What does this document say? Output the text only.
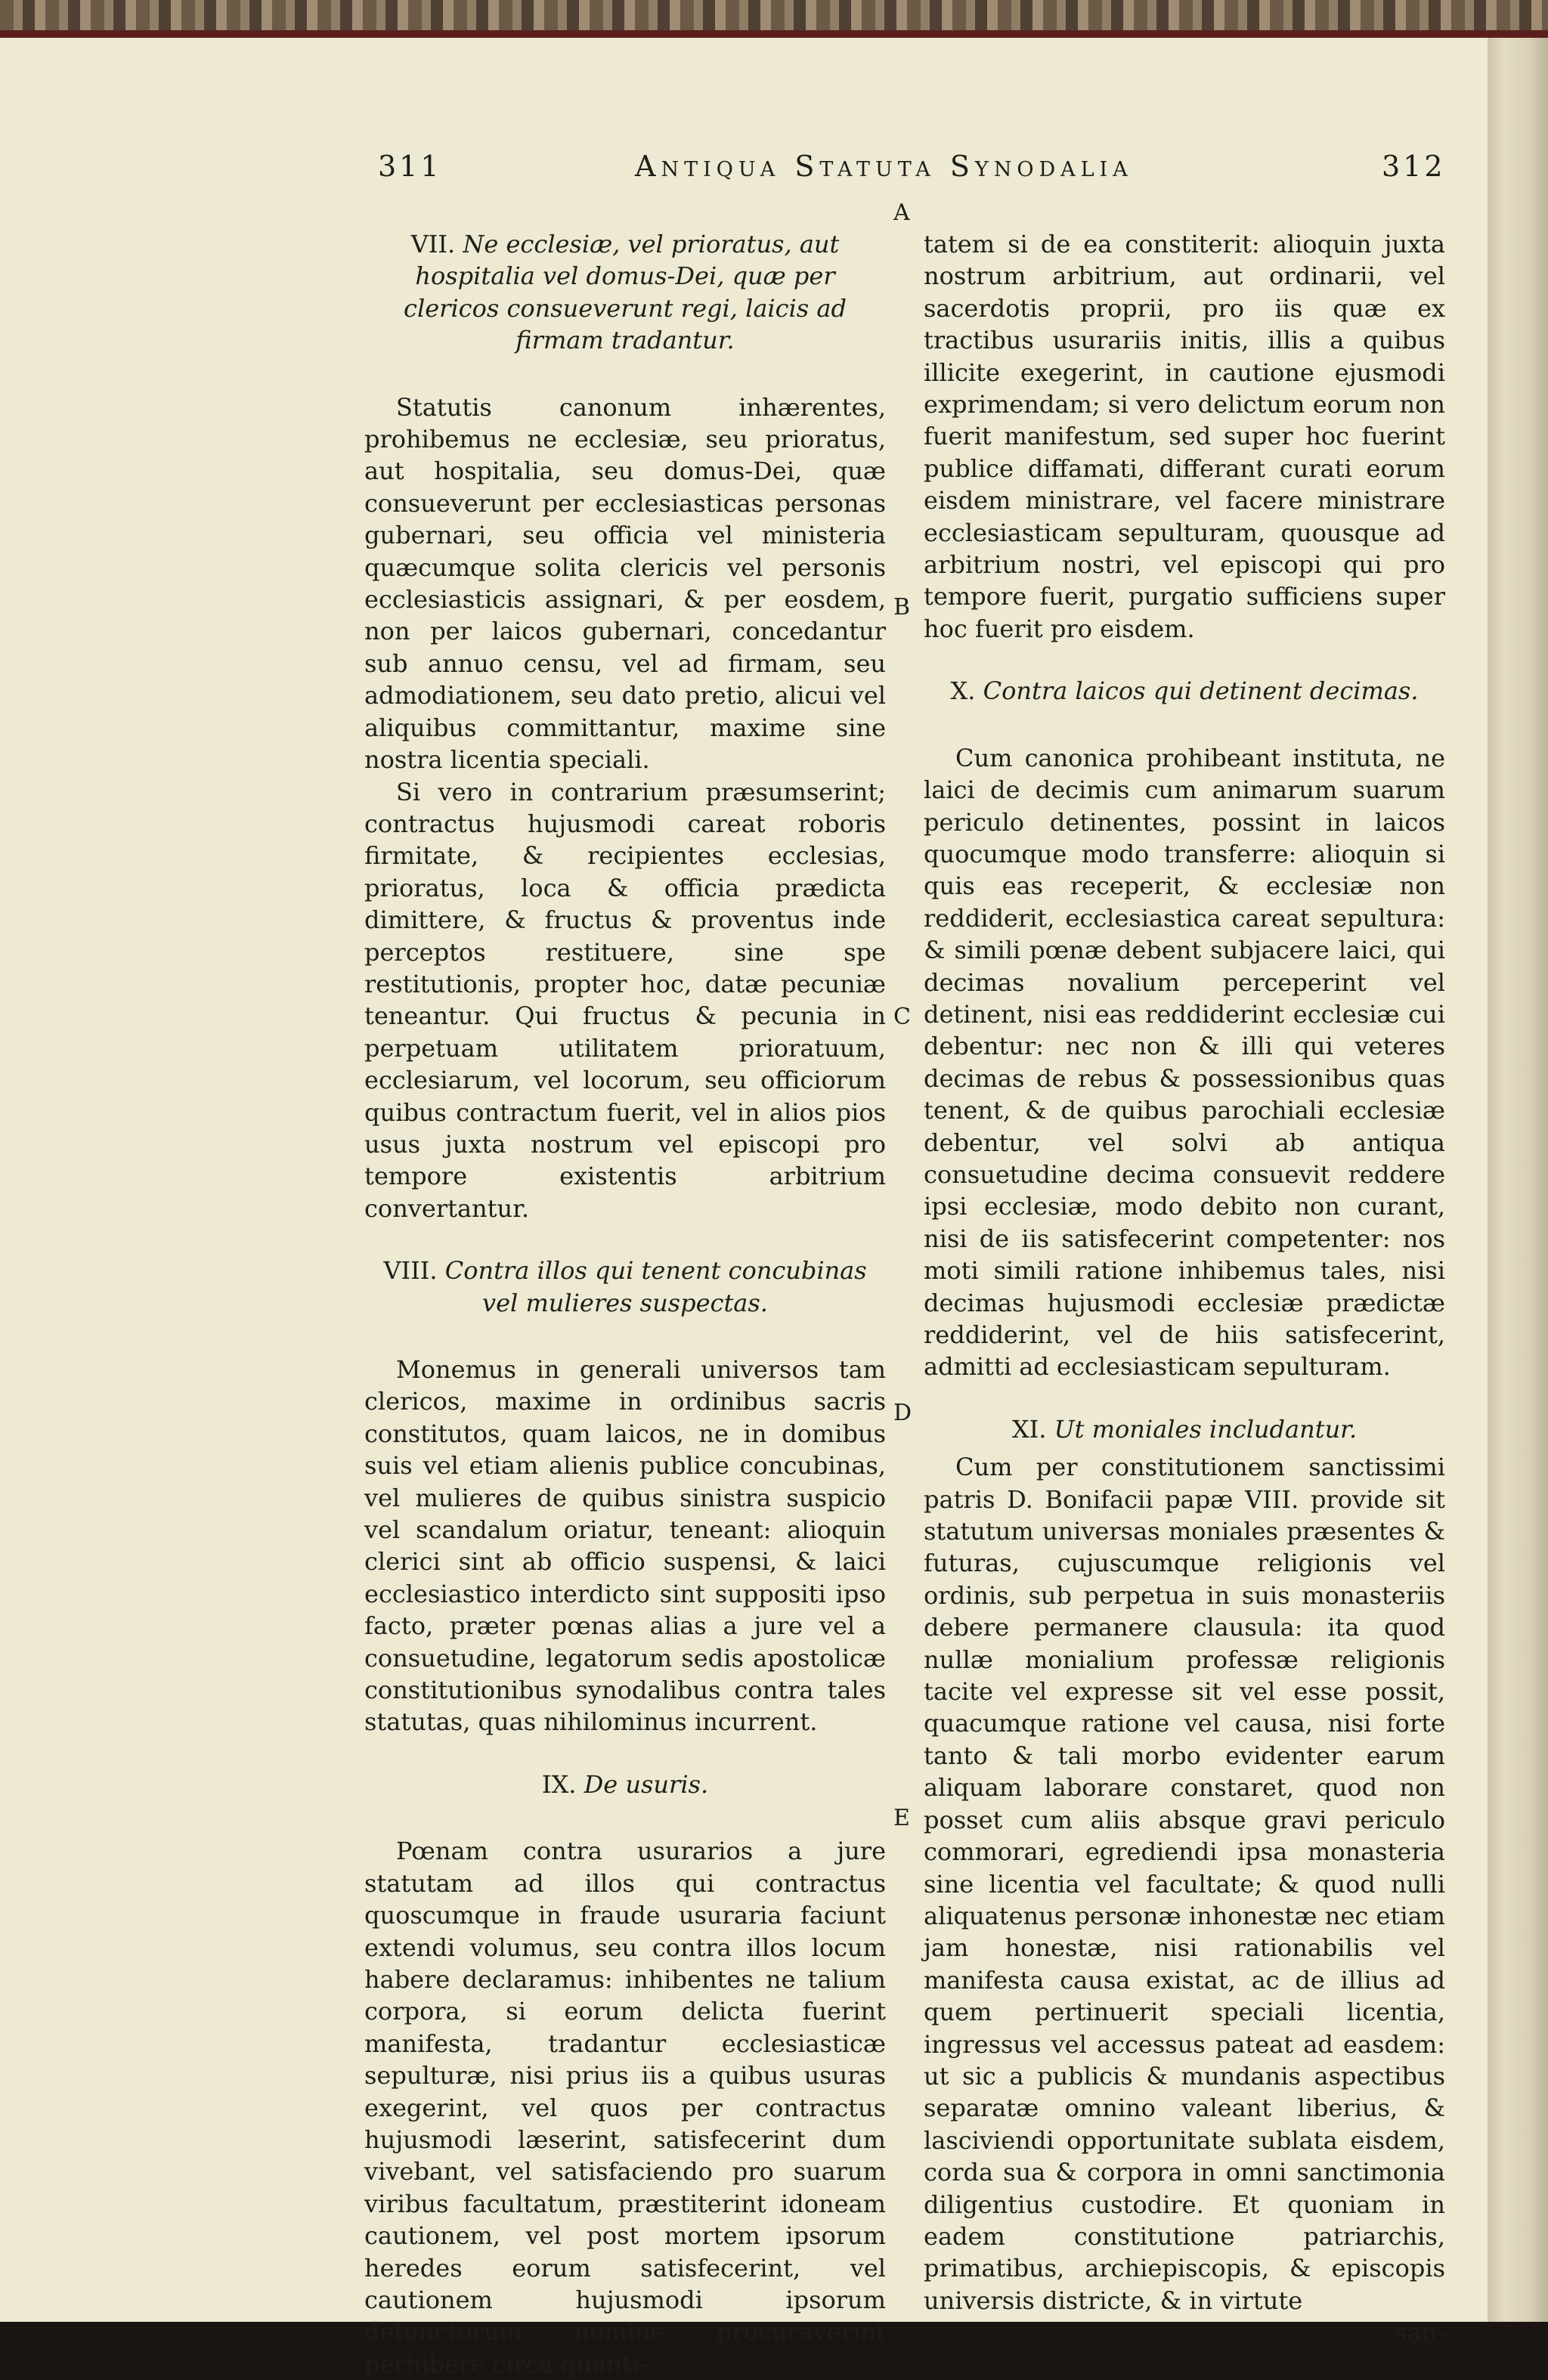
311	Antiqua Statuta Synodalia	312
A
B
C
D
E
VII. Ne ecclesiæ, vel prioratus, aut hospitalia vel domus-Dei, quæ per clericos consueverunt regi, laicis ad firmam tradantur.

Statutis canonum inhærentes, prohibemus ne ecclesiæ, seu prioratus, aut hospitalia, seu domus-Dei, quæ consueverunt per ecclesiasticas personas gubernari, seu officia vel ministeria quæcumque solita clericis vel personis ecclesiasticis assignari, & per eosdem, non per laicos gubernari, concedantur sub annuo censu, vel ad firmam, seu admodiationem, seu dato pretio, alicui vel aliquibus committantur, maxime sine nostra licentia speciali.

Si vero in contrarium præsumserint; contractus hujusmodi careat roboris firmitate, & recipientes ecclesias, prioratus, loca & officia prædicta dimittere, & fructus & proventus inde perceptos restituere, sine spe restitutionis, propter hoc, datæ pecuniæ teneantur. Qui fructus & pecunia in perpetuam utilitatem prioratuum, ecclesiarum, vel locorum, seu officiorum quibus contractum fuerit, vel in alios pios usus juxta nostrum vel episcopi pro tempore existentis arbitrium convertantur.

VIII. Contra illos qui tenent concubinas vel mulieres suspectas.

Monemus in generali universos tam clericos, maxime in ordinibus sacris constitutos, quam laicos, ne in domibus suis vel etiam alienis publice concubinas, vel mulieres de quibus sinistra suspicio vel scandalum oriatur, teneant: alioquin clerici sint ab officio suspensi, & laici ecclesiastico interdicto sint suppositi ipso facto, præter pœnas alias a jure vel a consuetudine, legatorum sedis apostolicæ constitutionibus synodalibus contra tales statutas, quas nihilominus incurrent.

IX. De usuris.

Pœnam contra usurarios a jure statutam ad illos qui contractus quoscumque in fraude usuraria faciunt extendi volumus, seu contra illos locum habere declaramus: inhibentes ne talium corpora, si eorum delicta fuerint manifesta, tradantur ecclesiasticæ sepulturæ, nisi prius iis a quibus usuras exegerint, vel quos per contractus hujusmodi læserint, satisfecerint dum vivebant, vel satisfaciendo pro suarum viribus facultatum, præstiterint idoneam cautionem, vel post mortem ipsorum heredes eorum satisfecerint, vel cautionem hujusmodi ipsorum defunctorum nomine procuraverint perhibere circa quanti-

tatem si de ea constiterit: alioquin juxta nostrum arbitrium, aut ordinarii, vel sacerdotis proprii, pro iis quæ ex tractibus usurariis initis, illis a quibus illicite exegerint, in cautione ejusmodi exprimendam; si vero delictum eorum non fuerit manifestum, sed super hoc fuerint publice diffamati, differant curati eorum eisdem ministrare, vel facere ministrare ecclesiasticam sepulturam, quousque ad arbitrium nostri, vel episcopi qui pro tempore fuerit, purgatio sufficiens super hoc fuerit pro eisdem.

X. Contra laicos qui detinent decimas.

Cum canonica prohibeant instituta, ne laici de decimis cum animarum suarum periculo detinentes, possint in laicos quocumque modo transferre: alioquin si quis eas receperit, & ecclesiæ non reddiderit, ecclesiastica careat sepultura: & simili pœnæ debent subjacere laici, qui decimas novalium perceperint vel detinent, nisi eas reddiderint ecclesiæ cui debentur: nec non & illi qui veteres decimas de rebus & possessionibus quas tenent, & de quibus parochiali ecclesiæ debentur, vel solvi ab antiqua consuetudine decima consuevit reddere ipsi ecclesiæ, modo debito non curant, nisi de iis satisfecerint competenter: nos moti simili ratione inhibemus tales, nisi decimas hujusmodi ecclesiæ prædictæ reddiderint, vel de hiis satisfecerint, admitti ad ecclesiasticam sepulturam.

XI. Ut moniales includantur.

Cum per constitutionem sanctissimi patris D. Bonifacii papæ VIII. provide sit statutum universas moniales præsentes & futuras, cujuscumque religionis vel ordinis, sub perpetua in suis monasteriis debere permanere clausula: ita quod nullæ monialium professæ religionis tacite vel expresse sit vel esse possit, quacumque ratione vel causa, nisi forte tanto & tali morbo evidenter earum aliquam laborare constaret, quod non posset cum aliis absque gravi periculo commorari, egrediendi ipsa monasteria sine licentia vel facultate; & quod nulli aliquatenus personæ inhonestæ nec etiam jam honestæ, nisi rationabilis vel manifesta causa existat, ac de illius ad quem pertinuerit speciali licentia, ingressus vel accessus pateat ad easdem: ut sic a publicis & mundanis aspectibus separatæ omnino valeant liberius, & lasciviendi opportunitate sublata eisdem, corda sua & corpora in omni sanctimonia diligentius custodire. Et quoniam in eadem constitutione patriarchis, primatibus, archiepiscopis, & episcopis universis districte, & in virtute

san-
